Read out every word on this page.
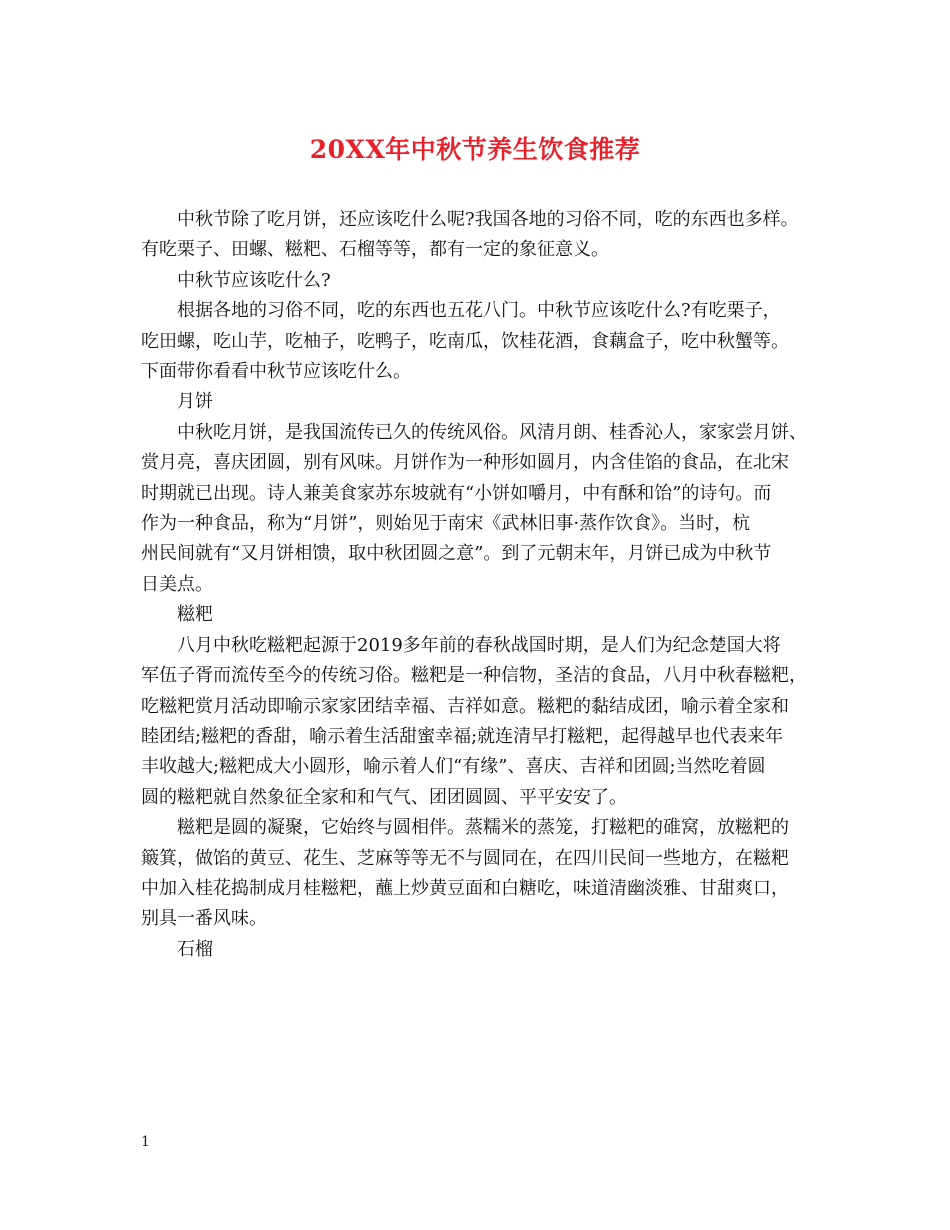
20XX年中秋节养生饮食推荐
中秋节除了吃月饼，还应该吃什么呢?我国各地的习俗不同，吃的东西也多样。
有吃栗子、田螺、糍粑、石榴等等，都有一定的象征意义。
中秋节应该吃什么?
根据各地的习俗不同，吃的东西也五花八门。中秋节应该吃什么?有吃栗子，
吃田螺，吃山芋，吃柚子，吃鸭子，吃南瓜，饮桂花酒，食藕盒子，吃中秋蟹等。
下面带你看看中秋节应该吃什么。
月饼
中秋吃月饼，是我国流传已久的传统风俗。风清月朗、桂香沁人，家家尝月饼、
赏月亮，喜庆团圆，别有风味。月饼作为一种形如圆月，内含佳馅的食品，在北宋
时期就已出现。诗人兼美食家苏东坡就有“小饼如嚼月，中有酥和饴”的诗句。而
作为一种食品，称为“月饼”，则始见于南宋《武林旧事·蒸作饮食》。当时，杭
州民间就有“又月饼相馈，取中秋团圆之意”。到了元朝末年，月饼已成为中秋节
日美点。
糍粑
八月中秋吃糍粑起源于2019多年前的春秋战国时期，是人们为纪念楚国大将
军伍子胥而流传至今的传统习俗。糍粑是一种信物，圣洁的食品，八月中秋春糍粑，
吃糍粑赏月活动即喻示家家团结幸福、吉祥如意。糍粑的黏结成团，喻示着全家和
睦团结;糍粑的香甜，喻示着生活甜蜜幸福;就连清早打糍粑，起得越早也代表来年
丰收越大;糍粑成大小圆形，喻示着人们“有缘”、喜庆、吉祥和团圆;当然吃着圆
圆的糍粑就自然象征全家和和气气、团团圆圆、平平安安了。
糍粑是圆的凝聚，它始终与圆相伴。蒸糯米的蒸笼，打糍粑的碓窝，放糍粑的
簸箕，做馅的黄豆、花生、芝麻等等无不与圆同在，在四川民间一些地方，在糍粑
中加入桂花捣制成月桂糍粑，蘸上炒黄豆面和白糖吃，味道清幽淡雅、甘甜爽口，
别具一番风味。
石榴
1
